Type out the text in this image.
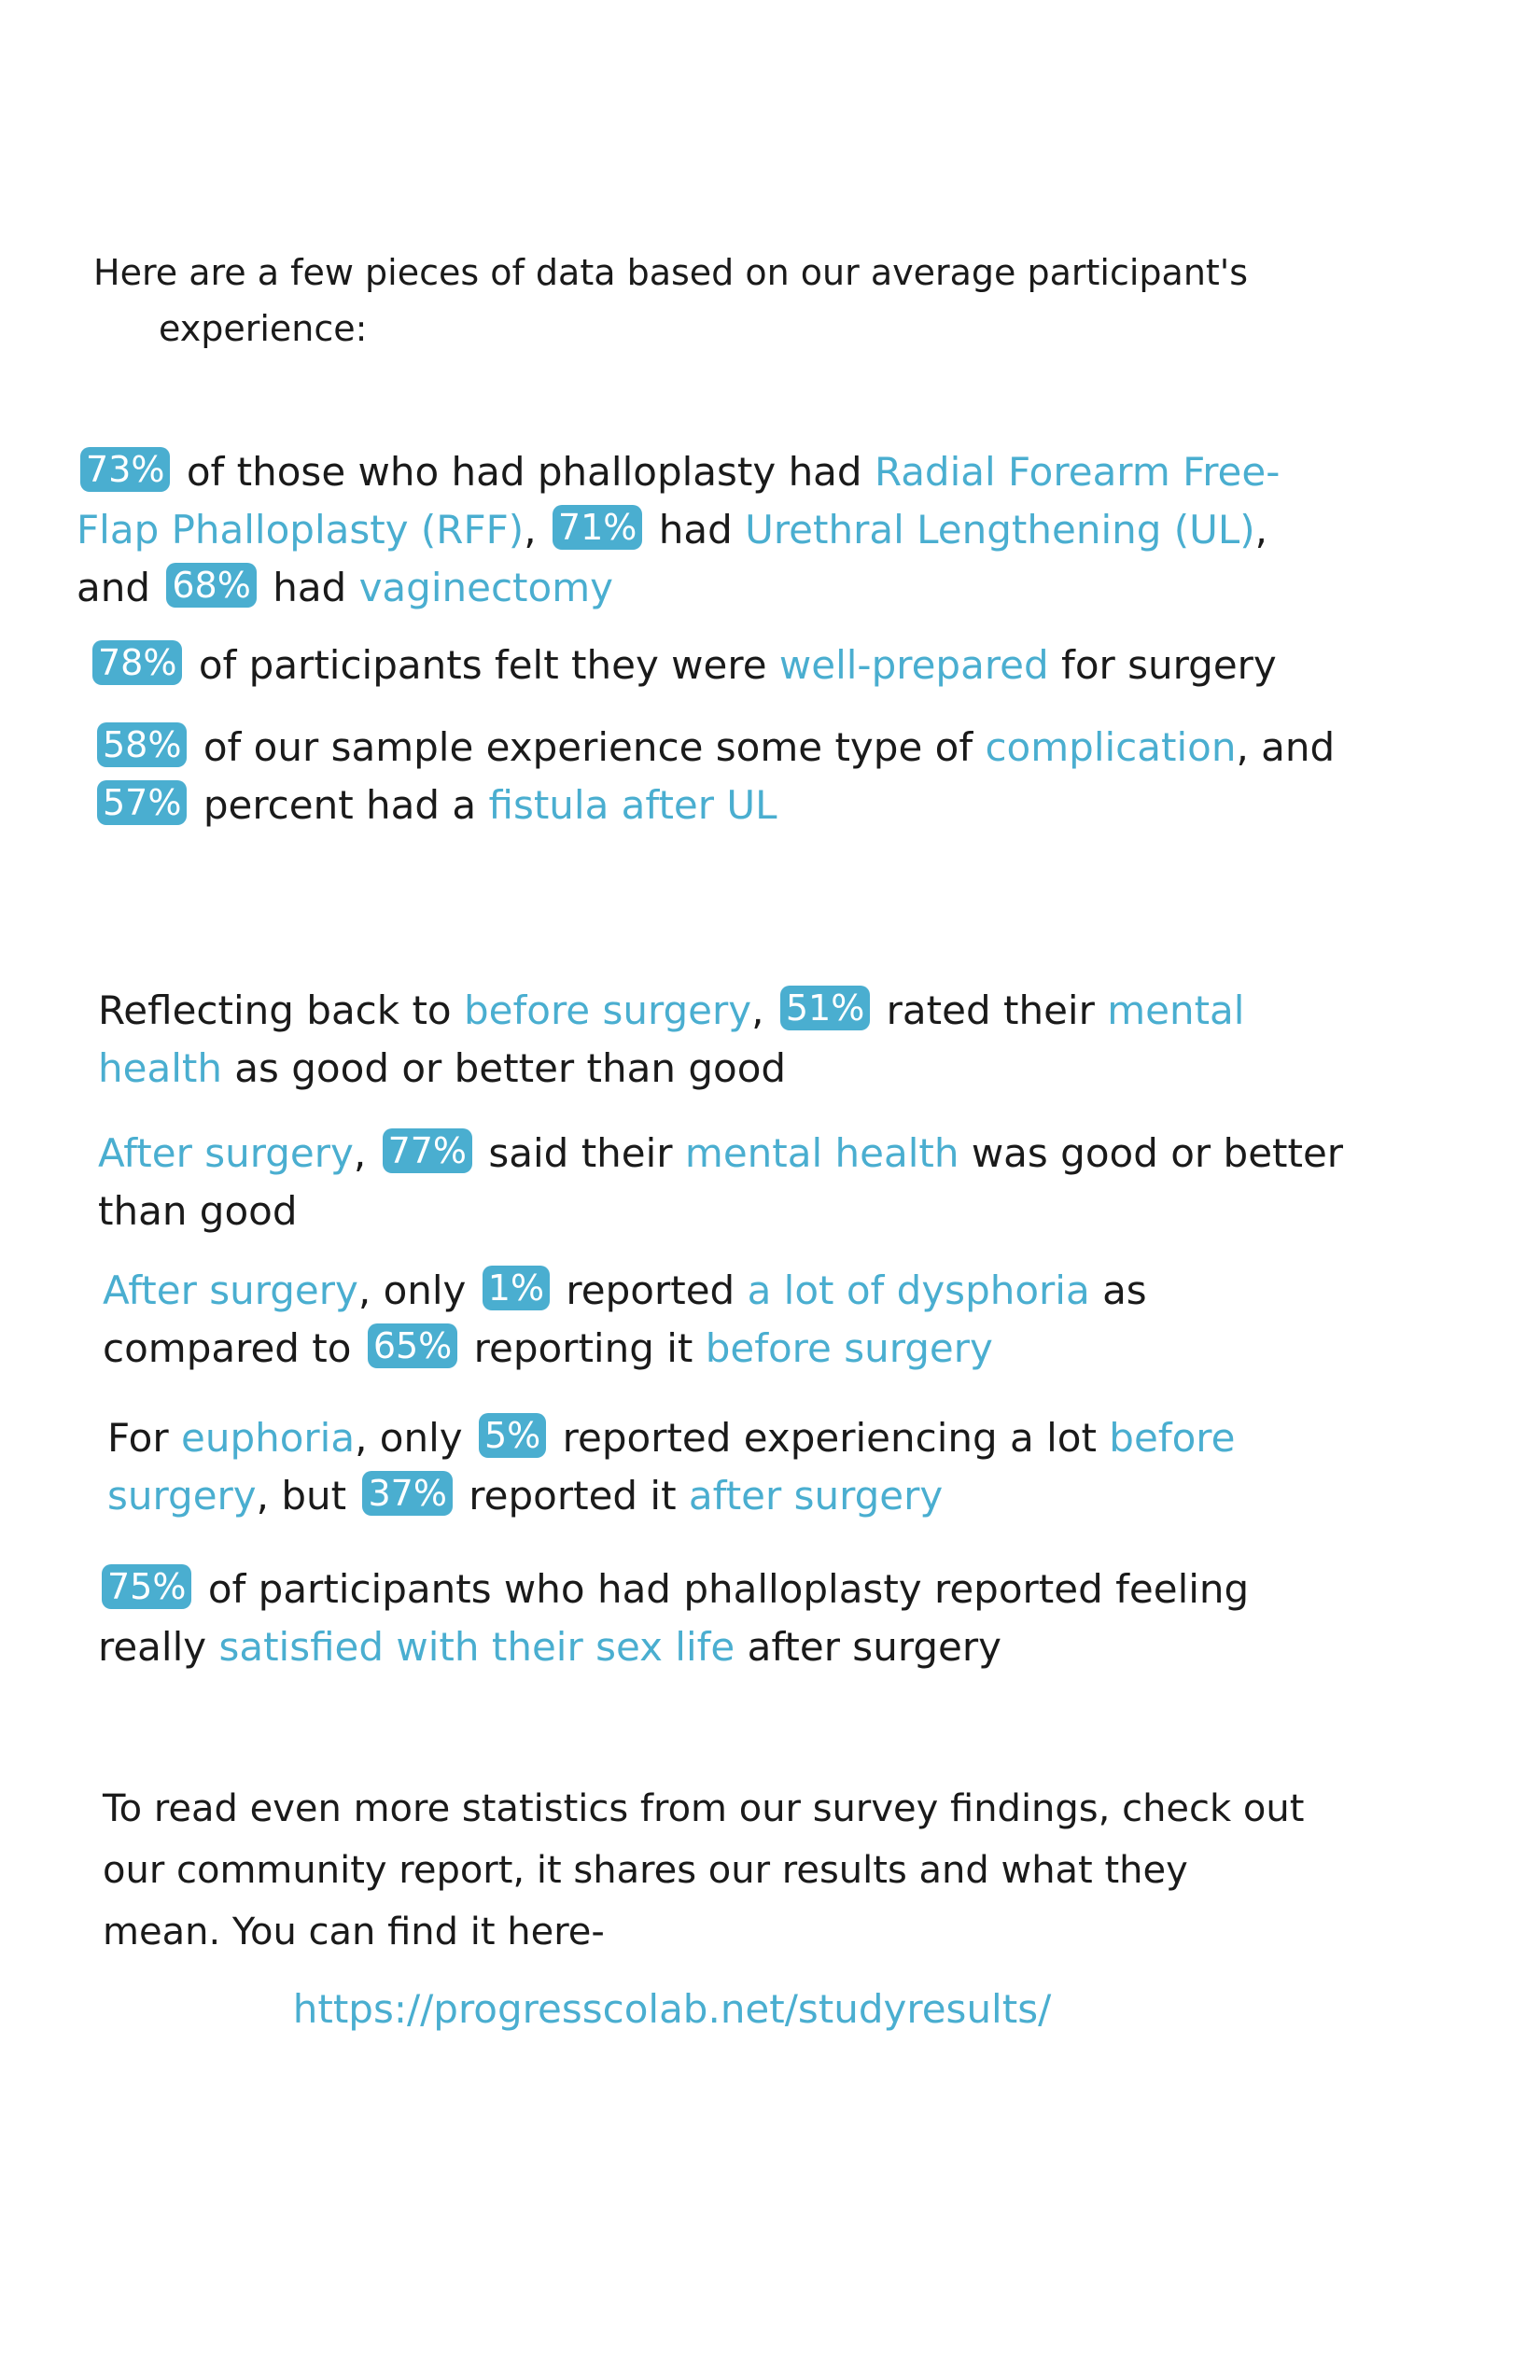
Here are a few pieces of data based on our average participant's
experience:
73% of those who had phalloplasty had Radial Forearm Free-Flap Phalloplasty (RFF), 71% had Urethral Lengthening (UL), and 68% had vaginectomy
78% of participants felt they were well-prepared for surgery
58% of our sample experience some type of complication, and 57% percent had a fistula after UL
Reflecting back to before surgery, 51% rated their mental health as good or better than good
After surgery, 77% said their mental health was good or better than good
After surgery, only 1% reported a lot of dysphoria as compared to 65% reporting it before surgery
For euphoria, only 5% reported experiencing a lot before surgery, but 37% reported it after surgery
75% of participants who had phalloplasty reported feeling really satisfied with their sex life after surgery
To read even more statistics from our survey findings, check out our community report, it shares our results and what they mean. You can find it here-
https://progresscolab.net/studyresults/
